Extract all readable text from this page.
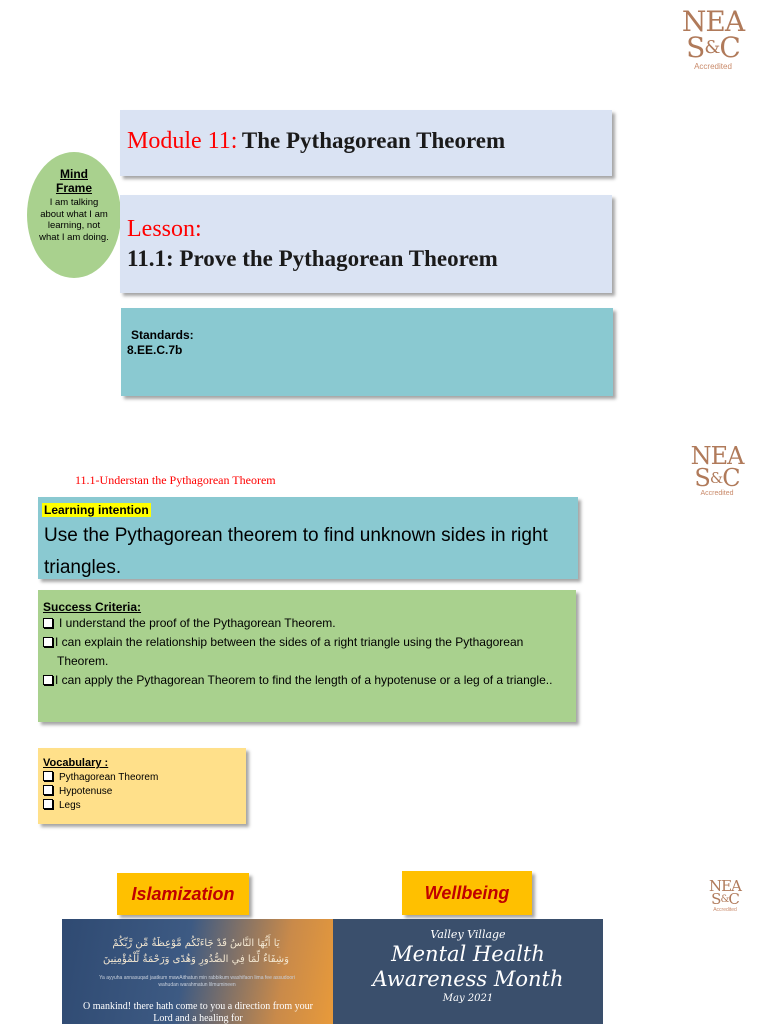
N E A
S & C
Accredited
Mind Frame
I am talking about what I am learning, not what I am doing.
Module 11: The Pythagorean Theorem
Lesson:
11.1: Prove the Pythagorean Theorem
Standards:
8.EE.C.7b
N E A
S & C
Accredited
11.1-Understan the Pythagorean Theorem
Learning intention
Use the Pythagorean theorem to find unknown sides in right triangles.
Success Criteria:
I understand the proof of the Pythagorean Theorem.
I can explain the relationship between the sides of a right triangle using the Pythagorean Theorem.
I can apply the Pythagorean Theorem to find the length of a hypotenuse or a leg of a triangle..
Vocabulary :
Pythagorean Theorem
Hypotenuse
Legs
Islamization	Wellbeing	N E A
S & C
Accredited
يَا أَيُّهَا النَّاسُ قَدْ جَاءَتْكُم مَّوْعِظَةٌ مِّن رَّبِّكُمْ
وَشِفَاءٌ لِّمَا فِي الصُّدُورِ وَهُدًى وَرَحْمَةٌ لِّلْمُؤْمِنِينَ
Ya ayyuha annasuqad jaatkum mawAithatun min rabbikum washifaon lima fee assudoori wahudan warahmatun lilmumineen
O mankind! there hath come to you a direction from your Lord and a healing for
Valley Village
Mental Health
Awareness Month
May 2021
